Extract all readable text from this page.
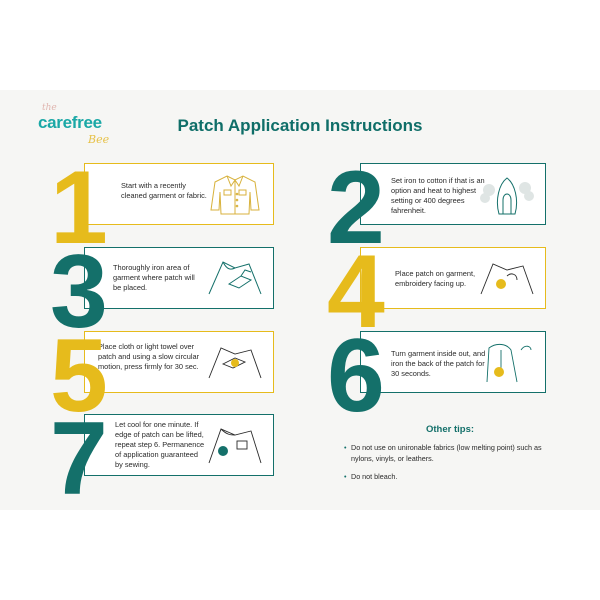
the
carefree
Bee
Patch Application Instructions
1 Start with a recently cleaned garment or fabric. 2 Set iron to cotton if that is an option and heat to highest setting or 400 degrees fahrenheit.
3 Thoroughly iron area of garment where patch will be placed.	4 Place patch on garment, embroidery facing up.
5
Place cloth or light towel over patch and using a slow circular motion, press firmly for 30 sec. 6 Turn garment inside out, and iron the back of the patch for 30 seconds.
7 Let cool for one minute. If edge of patch can be lifted, repeat step 6. Permanence of application guaranteed by sewing.
Other tips:
• Do not use on unironable fabrics (low melting point) such as nylons, vinyls, or leathers.
• Do not bleach.
